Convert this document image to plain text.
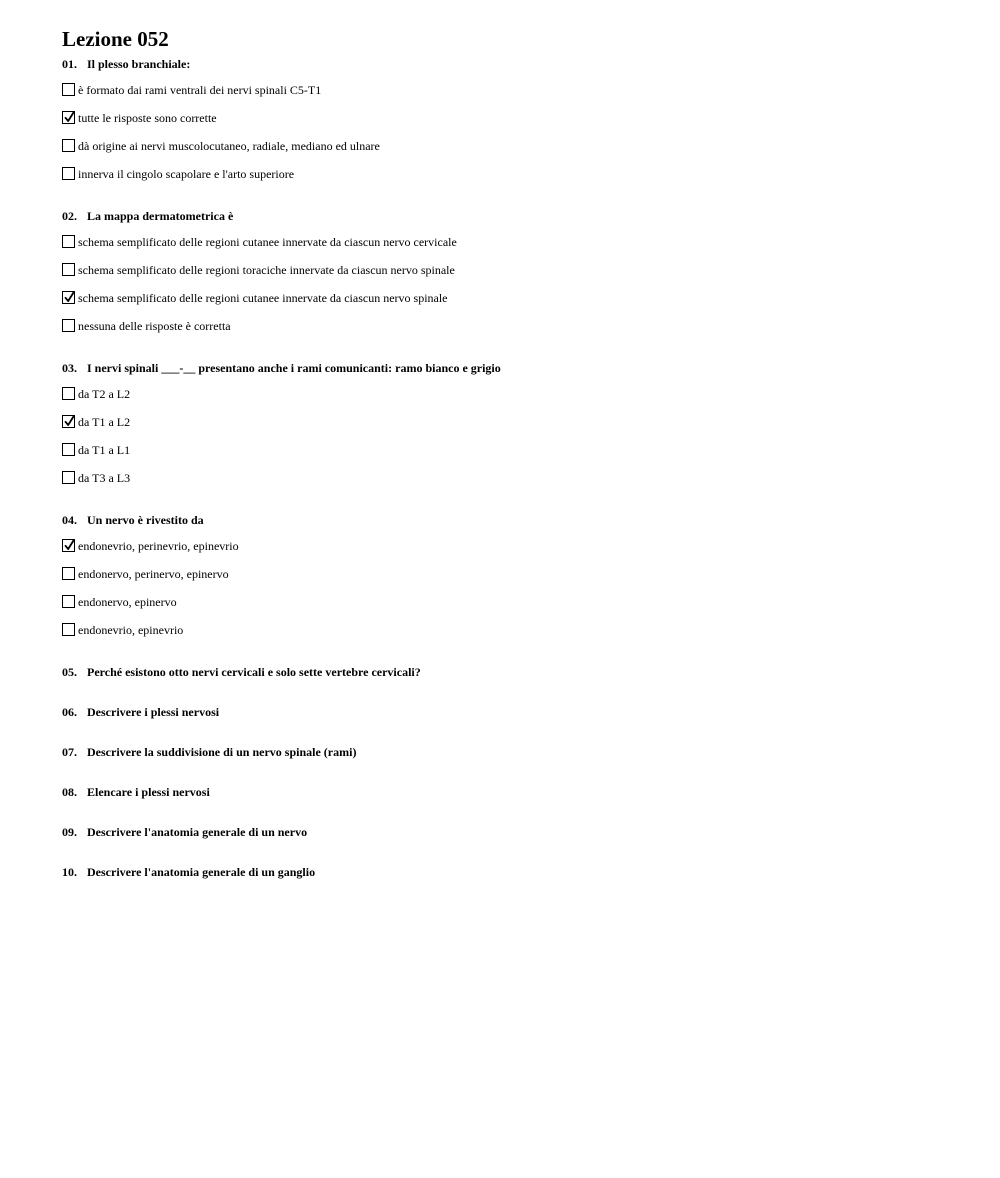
Lezione 052
01. Il plesso branchiale:
è formato dai rami ventrali dei nervi spinali C5-T1
tutte le risposte sono corrette
dà origine ai nervi muscolocutaneo, radiale, mediano ed ulnare
innerva il cingolo scapolare e l'arto superiore
02. La mappa dermatometrica è
schema semplificato delle regioni cutanee innervate da ciascun nervo cervicale
schema semplificato delle regioni toraciche innervate da ciascun nervo spinale
schema semplificato delle regioni cutanee innervate da ciascun nervo spinale
nessuna delle risposte è corretta
03. I nervi spinali ___-__ presentano anche i rami comunicanti: ramo bianco e grigio
da T2 a L2
da T1 a L2
da T1 a L1
da T3 a L3
04. Un nervo è rivestito da
endonevrio, perinevrio, epinevrio
endonervo, perinervo, epinervo
endonervo, epinervo
endonevrio, epinevrio
05. Perché esistono otto nervi cervicali e solo sette vertebre cervicali?
06. Descrivere i plessi nervosi
07. Descrivere la suddivisione di un nervo spinale (rami)
08. Elencare i plessi nervosi
09. Descrivere l'anatomia generale di un nervo
10. Descrivere l'anatomia generale di un ganglio
